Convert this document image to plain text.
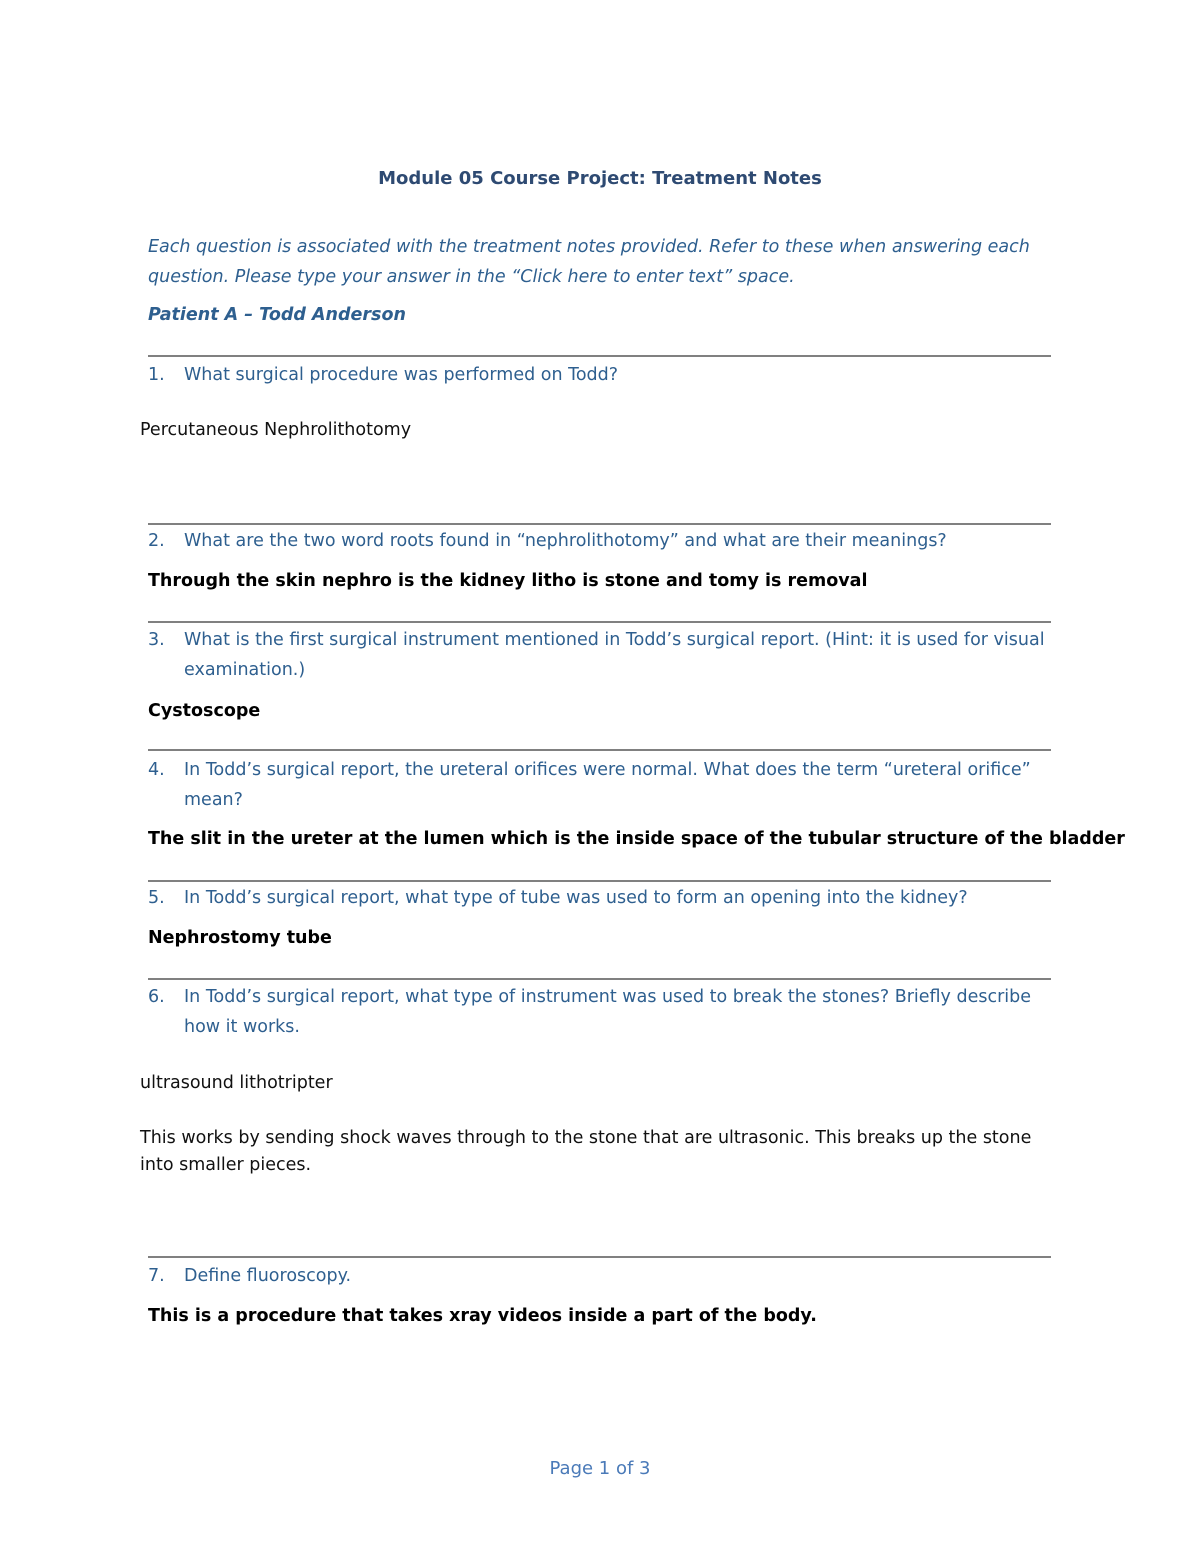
Module 05 Course Project: Treatment Notes

Each question is associated with the treatment notes provided. Refer to these when answering each question. Please type your answer in the “Click here to enter text” space.

Patient A – Todd Anderson

1. What surgical procedure was performed on Todd?

Percutaneous Nephrolithotomy

2. What are the two word roots found in “nephrolithotomy” and what are their meanings?

Through the skin nephro is the kidney litho is stone and tomy is removal

3. What is the first surgical instrument mentioned in Todd’s surgical report. (Hint: it is used for visual examination.)

Cystoscope

4. In Todd’s surgical report, the ureteral orifices were normal. What does the term “ureteral orifice” mean?

The slit in the ureter at the lumen which is the inside space of the tubular structure of the bladder

5. In Todd’s surgical report, what type of tube was used to form an opening into the kidney?

Nephrostomy tube

6. In Todd’s surgical report, what type of instrument was used to break the stones? Briefly describe how it works.

ultrasound lithotripter

This works by sending shock waves through to the stone that are ultrasonic. This breaks up the stone into smaller pieces.

7. Define fluoroscopy.

This is a procedure that takes xray videos inside a part of the body.

Page 1 of 3
